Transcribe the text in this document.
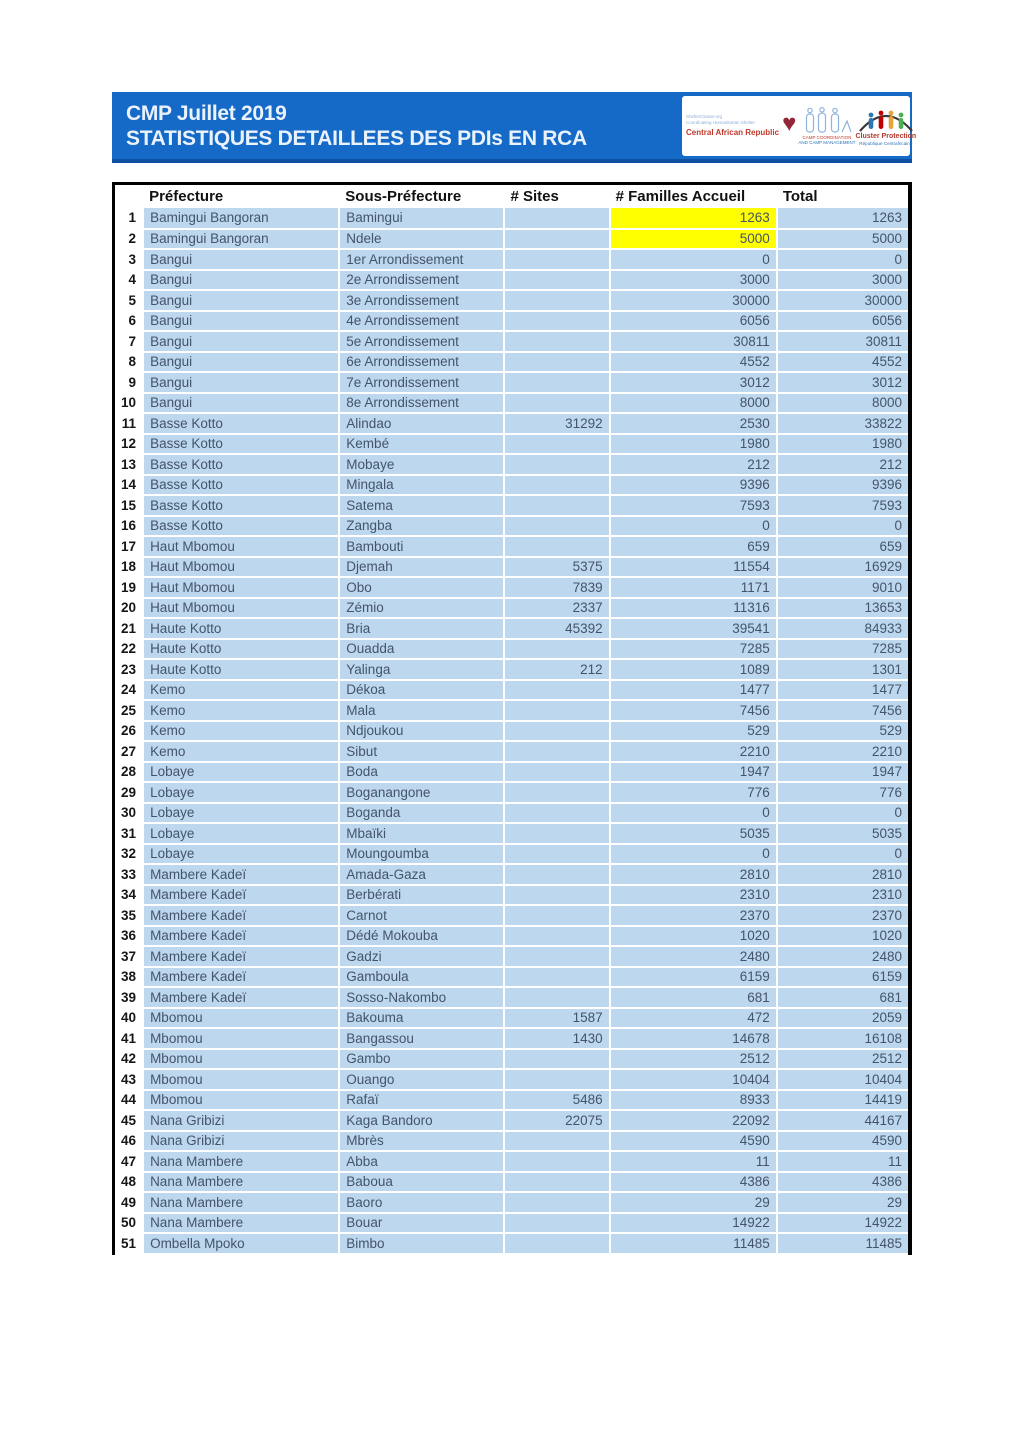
CMP Juillet 2019
STATISTIQUES DETAILLEES DES PDIs EN RCA
ShelterCluster.org
Coordinating Humanitarian Shelter
Central African Republic ♥
CAMP COORDINATION
AND CAMP MANAGEMENT
Cluster Protection
République Centrafricaine
	Préfecture	Sous-Préfecture	# Sites	# Familles Accueil	Total
1	Bamingui Bangoran	Bamingui		1263	1263
2	Bamingui Bangoran	Ndele		5000	5000
3	Bangui	1er Arrondissement		0	0
4	Bangui	2e Arrondissement		3000	3000
5	Bangui	3e Arrondissement		30000	30000
6	Bangui	4e Arrondissement		6056	6056
7	Bangui	5e Arrondissement		30811	30811
8	Bangui	6e Arrondissement		4552	4552
9	Bangui	7e Arrondissement		3012	3012
10	Bangui	8e Arrondissement		8000	8000
11	Basse Kotto	Alindao	31292	2530	33822
12	Basse Kotto	Kembé		1980	1980
13	Basse Kotto	Mobaye		212	212
14	Basse Kotto	Mingala		9396	9396
15	Basse Kotto	Satema		7593	7593
16	Basse Kotto	Zangba		0	0
17	Haut Mbomou	Bambouti		659	659
18	Haut Mbomou	Djemah	5375	11554	16929
19	Haut Mbomou	Obo	7839	1171	9010
20	Haut Mbomou	Zémio	2337	11316	13653
21	Haute Kotto	Bria	45392	39541	84933
22	Haute Kotto	Ouadda		7285	7285
23	Haute Kotto	Yalinga	212	1089	1301
24	Kemo	Dékoa		1477	1477
25	Kemo	Mala		7456	7456
26	Kemo	Ndjoukou		529	529
27	Kemo	Sibut		2210	2210
28	Lobaye	Boda		1947	1947
29	Lobaye	Boganangone		776	776
30	Lobaye	Boganda		0	0
31	Lobaye	Mbaïki		5035	5035
32	Lobaye	Moungoumba		0	0
33	Mambere Kadeï	Amada-Gaza		2810	2810
34	Mambere Kadeï	Berbérati		2310	2310
35	Mambere Kadeï	Carnot		2370	2370
36	Mambere Kadeï	Dédé Mokouba		1020	1020
37	Mambere Kadeï	Gadzi		2480	2480
38	Mambere Kadeï	Gamboula		6159	6159
39	Mambere Kadeï	Sosso-Nakombo		681	681
40	Mbomou	Bakouma	1587	472	2059
41	Mbomou	Bangassou	1430	14678	16108
42	Mbomou	Gambo		2512	2512
43	Mbomou	Ouango		10404	10404
44	Mbomou	Rafaï	5486	8933	14419
45	Nana Gribizi	Kaga Bandoro	22075	22092	44167
46	Nana Gribizi	Mbrès		4590	4590
47	Nana Mambere	Abba		11	11
48	Nana Mambere	Baboua		4386	4386
49	Nana Mambere	Baoro		29	29
50	Nana Mambere	Bouar		14922	14922
51	Ombella Mpoko	Bimbo		11485	11485
